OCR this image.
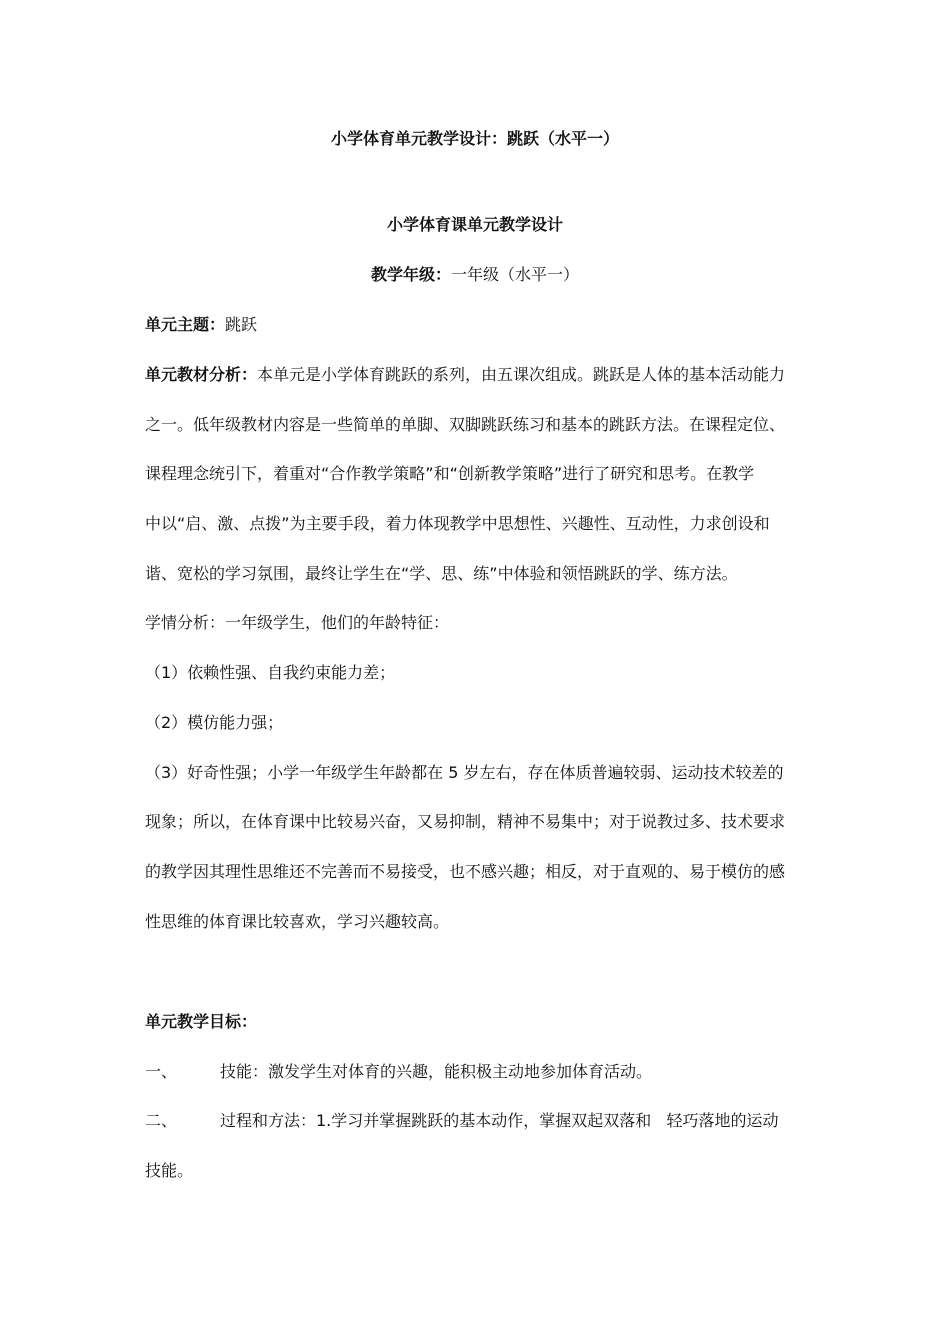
小学体育单元教学设计：跳跃（水平一）
小学体育课单元教学设计
教学年级：一年级（水平一）
单元主题：跳跃
单元教材分析：本单元是小学体育跳跃的系列，由五课次组成。跳跃是人体的基本活动能力
之一。低年级教材内容是一些简单的单脚、双脚跳跃练习和基本的跳跃方法。在课程定位、
课程理念统引下，着重对“合作教学策略”和“创新教学策略”进行了研究和思考。在教学
中以“启、激、点拨”为主要手段，着力体现教学中思想性、兴趣性、互动性，力求创设和
谐、宽松的学习氛围，最终让学生在“学、思、练”中体验和领悟跳跃的学、练方法。
学情分析：一年级学生，他们的年龄特征：
（1）依赖性强、自我约束能力差；
（2）模仿能力强；
（3）好奇性强；小学一年级学生年龄都在 5 岁左右，存在体质普遍较弱、运动技术较差的
现象；所以，在体育课中比较易兴奋，又易抑制，精神不易集中；对于说教过多、技术要求
的教学因其理性思维还不完善而不易接受，也不感兴趣；相反，对于直观的、易于模仿的感
性思维的体育课比较喜欢，学习兴趣较高。
单元教学目标：
一、	技能：激发学生对体育的兴趣，能积极主动地参加体育活动。
二、	过程和方法：1.学习并掌握跳跃的基本动作，掌握双起双落和   轻巧落地的运动
技能。
